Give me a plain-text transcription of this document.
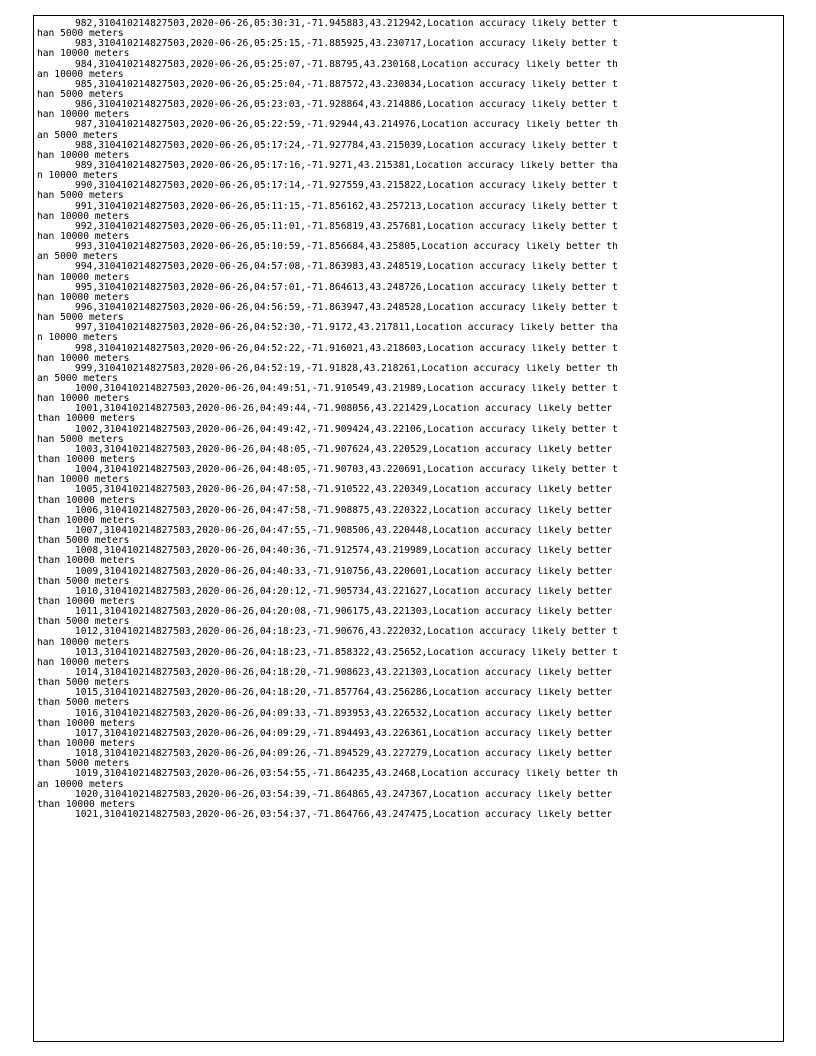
982,310410214827503,2020-06-26,05:30:31,-71.945883,43.212942,Location accuracy likely better t
han 5000 meters
983,310410214827503,2020-06-26,05:25:15,-71.885925,43.230717,Location accuracy likely better t
han 10000 meters
984,310410214827503,2020-06-26,05:25:07,-71.88795,43.230168,Location accuracy likely better th
an 10000 meters
985,310410214827503,2020-06-26,05:25:04,-71.887572,43.230834,Location accuracy likely better t
han 5000 meters
986,310410214827503,2020-06-26,05:23:03,-71.928864,43.214886,Location accuracy likely better t
han 10000 meters
987,310410214827503,2020-06-26,05:22:59,-71.92944,43.214976,Location accuracy likely better th
an 5000 meters
988,310410214827503,2020-06-26,05:17:24,-71.927784,43.215039,Location accuracy likely better t
han 10000 meters
989,310410214827503,2020-06-26,05:17:16,-71.9271,43.215381,Location accuracy likely better tha
n 10000 meters
990,310410214827503,2020-06-26,05:17:14,-71.927559,43.215822,Location accuracy likely better t
han 5000 meters
991,310410214827503,2020-06-26,05:11:15,-71.856162,43.257213,Location accuracy likely better t
han 10000 meters
992,310410214827503,2020-06-26,05:11:01,-71.856819,43.257681,Location accuracy likely better t
han 10000 meters
993,310410214827503,2020-06-26,05:10:59,-71.856684,43.25805,Location accuracy likely better th
an 5000 meters
994,310410214827503,2020-06-26,04:57:08,-71.863983,43.248519,Location accuracy likely better t
han 10000 meters
995,310410214827503,2020-06-26,04:57:01,-71.864613,43.248726,Location accuracy likely better t
han 10000 meters
996,310410214827503,2020-06-26,04:56:59,-71.863947,43.248528,Location accuracy likely better t
han 5000 meters
997,310410214827503,2020-06-26,04:52:30,-71.9172,43.217811,Location accuracy likely better tha
n 10000 meters
998,310410214827503,2020-06-26,04:52:22,-71.916021,43.218603,Location accuracy likely better t
han 10000 meters
999,310410214827503,2020-06-26,04:52:19,-71.91828,43.218261,Location accuracy likely better th
an 5000 meters
1000,310410214827503,2020-06-26,04:49:51,-71.910549,43.21989,Location accuracy likely better t
han 10000 meters
1001,310410214827503,2020-06-26,04:49:44,-71.908056,43.221429,Location accuracy likely better
than 10000 meters
1002,310410214827503,2020-06-26,04:49:42,-71.909424,43.22106,Location accuracy likely better t
han 5000 meters
1003,310410214827503,2020-06-26,04:48:05,-71.907624,43.220529,Location accuracy likely better
than 10000 meters
1004,310410214827503,2020-06-26,04:48:05,-71.90703,43.220691,Location accuracy likely better t
han 10000 meters
1005,310410214827503,2020-06-26,04:47:58,-71.910522,43.220349,Location accuracy likely better
than 10000 meters
1006,310410214827503,2020-06-26,04:47:58,-71.908875,43.220322,Location accuracy likely better
than 10000 meters
1007,310410214827503,2020-06-26,04:47:55,-71.908506,43.220448,Location accuracy likely better
than 5000 meters
1008,310410214827503,2020-06-26,04:40:36,-71.912574,43.219989,Location accuracy likely better
than 10000 meters
1009,310410214827503,2020-06-26,04:40:33,-71.910756,43.220601,Location accuracy likely better
than 5000 meters
1010,310410214827503,2020-06-26,04:20:12,-71.905734,43.221627,Location accuracy likely better
than 10000 meters
1011,310410214827503,2020-06-26,04:20:08,-71.906175,43.221303,Location accuracy likely better
than 5000 meters
1012,310410214827503,2020-06-26,04:18:23,-71.90676,43.222032,Location accuracy likely better t
han 10000 meters
1013,310410214827503,2020-06-26,04:18:23,-71.858322,43.25652,Location accuracy likely better t
han 10000 meters
1014,310410214827503,2020-06-26,04:18:20,-71.908623,43.221303,Location accuracy likely better
than 5000 meters
1015,310410214827503,2020-06-26,04:18:20,-71.857764,43.256286,Location accuracy likely better
than 5000 meters
1016,310410214827503,2020-06-26,04:09:33,-71.893953,43.226532,Location accuracy likely better
than 10000 meters
1017,310410214827503,2020-06-26,04:09:29,-71.894493,43.226361,Location accuracy likely better
than 10000 meters
1018,310410214827503,2020-06-26,04:09:26,-71.894529,43.227279,Location accuracy likely better
than 5000 meters
1019,310410214827503,2020-06-26,03:54:55,-71.864235,43.2468,Location accuracy likely better th
an 10000 meters
1020,310410214827503,2020-06-26,03:54:39,-71.864865,43.247367,Location accuracy likely better
than 10000 meters
1021,310410214827503,2020-06-26,03:54:37,-71.864766,43.247475,Location accuracy likely better
